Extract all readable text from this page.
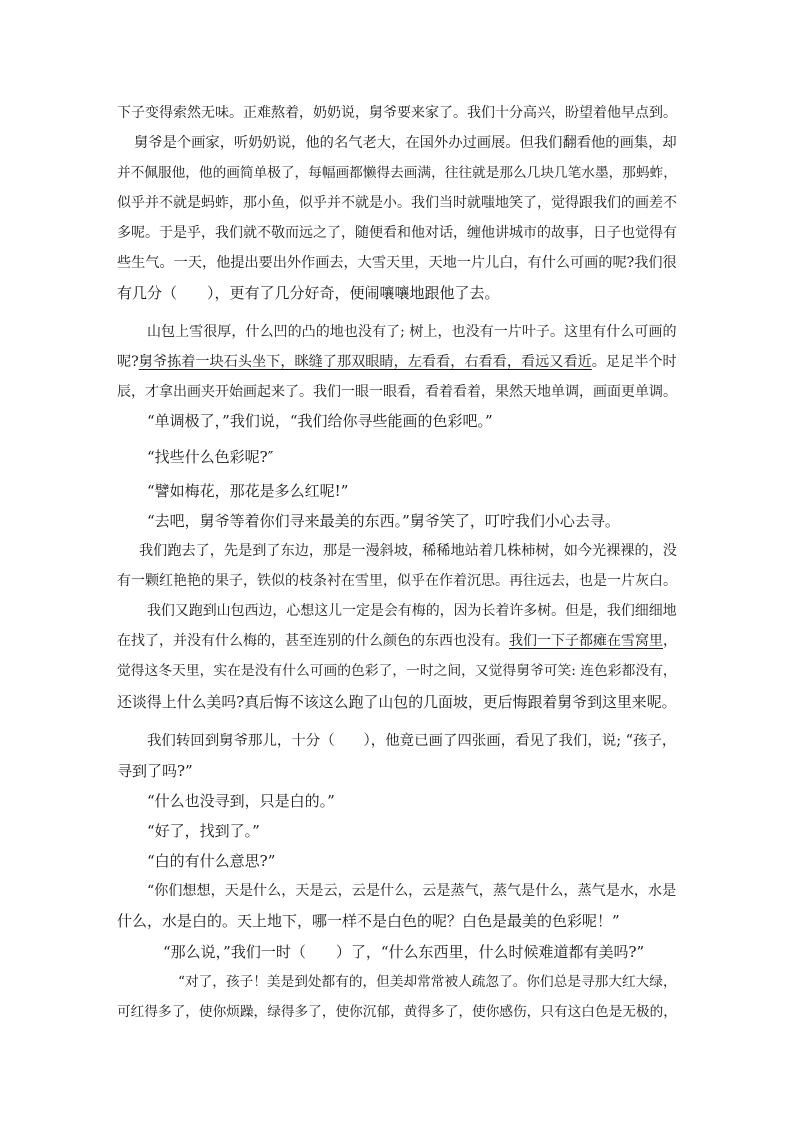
下子变得索然无味。正难熬着，奶奶说，舅爷要来家了。我们十分高兴，盼望着他早点到。
舅爷是个画家，听奶奶说，他的名气老大，在国外办过画展。但我们翻看他的画集，却
并不佩服他，他的画简单极了，每幅画都懒得去画满，往往就是那么几块几笔水墨，那蚂蚱，
似乎并不就是蚂蚱，那小鱼，似乎并不就是小。我们当时就嗤地笑了，觉得跟我们的画差不
多呢。于是乎，我们就不敬而远之了，随便看和他对话，缠他讲城市的故事，日子也觉得有
些生气。一天，他提出要出外作画去，大雪天里，天地一片儿白，有什么可画的呢?我们很
有几分（　　），更有了几分好奇，便闹嚷嚷地跟他了去。
山包上雪很厚，什么凹的凸的地也没有了; 树上，也没有一片叶子。这里有什么可画的
呢?舅爷拣着一块石头坐下，眯缝了那双眼睛，左看看，右看看，看远又看近。足足半个时
辰，才拿出画夹开始画起来了。我们一眼一眼看，看着看着，果然天地单调，画面更单调。
“单调极了，”我们说，“我们给你寻些能画的色彩吧。”
“找些什么色彩呢?″
“譬如梅花，那花是多么红呢!”
“去吧，舅爷等着你们寻来最美的东西。”舅爷笑了，叮咛我们小心去寻。
我们跑去了，先是到了东边，那是一漫斜坡，稀稀地站着几株柿树，如今光裸裸的，没
有一颗红艳艳的果子，铁似的枝条衬在雪里，似乎在作着沉思。再往远去，也是一片灰白。
我们又跑到山包西边，心想这儿一定是会有梅的，因为长着许多树。但是，我们细细地
在找了，并没有什么梅的，甚至连别的什么颜色的东西也没有。我们一下子都瘫在雪窝里，
觉得这冬天里，实在是没有什么可画的色彩了，一时之间，又觉得舅爷可笑: 连色彩都没有，
还谈得上什么美吗?真后悔不该这么跑了山包的几面坡，更后悔跟着舅爷到这里来呢。
我们转回到舅爷那儿，十分（　　），他竟已画了四张画，看见了我们，说; “孩子，
寻到了吗?”
“什么也没寻到，只是白的。”
“好了，找到了。”
“白的有什么意思?”
“你们想想，天是什么，天是云，云是什么，云是蒸气，蒸气是什么，蒸气是水，水是
什么，水是白的。天上地下，哪一样不是白色的呢？白色是最美的色彩呢！”
“那么说，”我们一时（　　）了，“什么东西里，什么时候难道都有美吗?”
“对了，孩子！美是到处都有的，但美却常常被人疏忽了。你们总是寻那大红大绿，
可红得多了，使你烦躁，绿得多了，使你沉郁，黄得多了，使你感伤，只有这白色是无极的，
